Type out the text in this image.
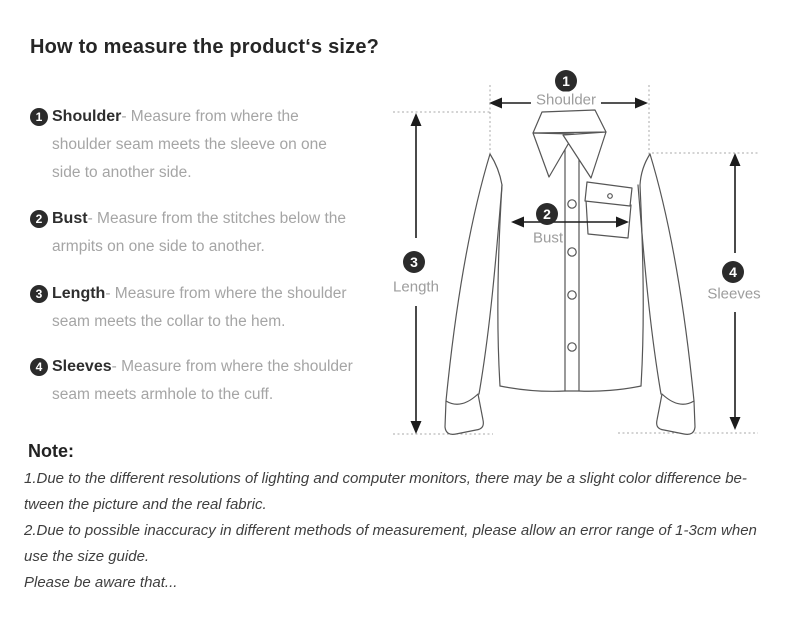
How to measure the product‘s size?
1 Shoulder- Measure from where the shoulder seam meets the sleeve on one side to another side.
2 Bust- Measure from the stitches below the armpits on one side to another.
3 Length- Measure from where the shoulder seam meets the collar to the hem.
4 Sleeves- Measure from where the shoulder seam meets armhole to the cuff.
1
2
3
4
Shoulder
Bust
Length	Sleeves
Note:
1.Due to the different resolutions of lighting and computer monitors, there may be a slight color difference be-
tween the picture and the real fabric.
2.Due to possible inaccuracy in different methods of measurement, please allow an error range of 1-3cm when
use the size guide.
Please be aware that...
